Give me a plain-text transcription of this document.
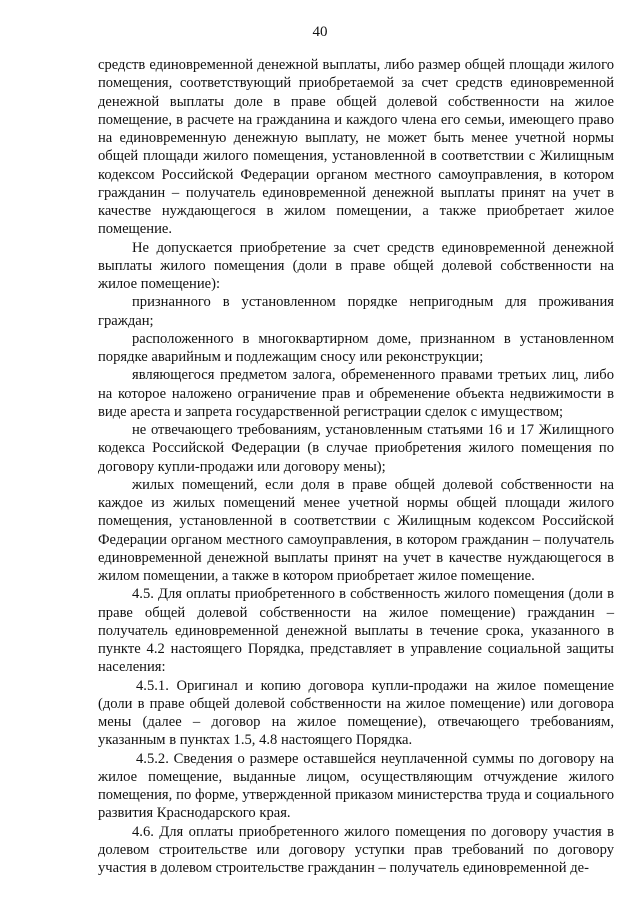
40

средств единовременной денежной выплаты, либо размер общей площади жилого помещения, соответствующий приобретаемой за счет средств единовременной денежной выплаты доле в праве общей долевой собственности на жилое помещение, в расчете на гражданина и каждого члена его семьи, имеющего право на единовременную денежную выплату, не может быть менее учетной нормы общей площади жилого помещения, установленной в соответствии с Жилищным кодексом Российской Федерации органом местного самоуправления, в котором гражданин – получатель единовременной денежной выплаты принят на учет в качестве нуждающегося в жилом помещении, а также приобретает жилое помещение.

Не допускается приобретение за счет средств единовременной денежной выплаты жилого помещения (доли в праве общей долевой собственности на жилое помещение):

признанного в установленном порядке непригодным для проживания граждан;

расположенного в многоквартирном доме, признанном в установленном порядке аварийным и подлежащим сносу или реконструкции;

являющегося предметом залога, обремененного правами третьих лиц, либо на которое наложено ограничение прав и обременение объекта недвижимости в виде ареста и запрета государственной регистрации сделок с имуществом;

не отвечающего требованиям, установленным статьями 16 и 17 Жилищного кодекса Российской Федерации (в случае приобретения жилого помещения по договору купли-продажи или договору мены);

жилых помещений, если доля в праве общей долевой собственности на каждое из жилых помещений менее учетной нормы общей площади жилого помещения, установленной в соответствии с Жилищным кодексом Российской Федерации органом местного самоуправления, в котором гражданин – получатель единовременной денежной выплаты принят на учет в качестве нуждающегося в жилом помещении, а также в котором приобретает жилое помещение.

4.5. Для оплаты приобретенного в собственность жилого помещения (доли в праве общей долевой собственности на жилое помещение) гражданин – получатель единовременной денежной выплаты в течение срока, указанного в пункте 4.2 настоящего Порядка, представляет в управление социальной защиты населения:

4.5.1. Оригинал и копию договора купли-продажи на жилое помещение (доли в праве общей долевой собственности на жилое помещение) или договора мены (далее – договор на жилое помещение), отвечающего требованиям, указанным в пунктах 1.5, 4.8 настоящего Порядка.

4.5.2. Сведения о размере оставшейся неуплаченной суммы по договору на жилое помещение, выданные лицом, осуществляющим отчуждение жилого помещения, по форме, утвержденной приказом министерства труда и социального развития Краснодарского края.

4.6. Для оплаты приобретенного жилого помещения по договору участия в долевом строительстве или договору уступки прав требований по договору участия в долевом строительстве гражданин – получатель единовременной де-
